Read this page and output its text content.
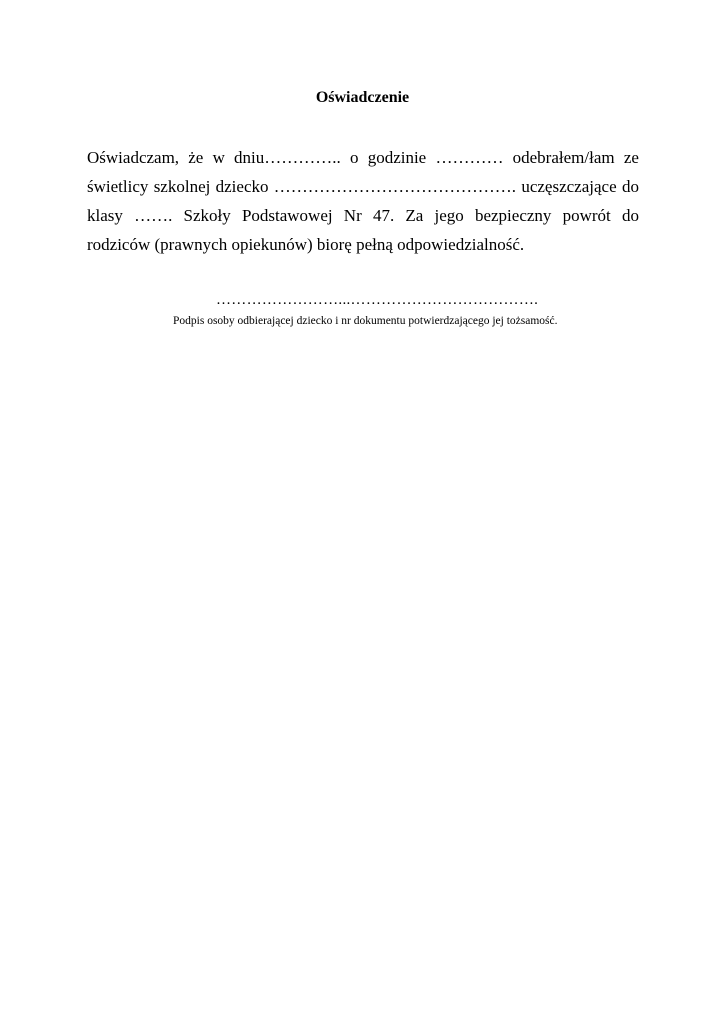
Oświadczenie
Oświadczam, że w dniu………….. o godzinie ………… odebrałem/łam ze
świetlicy szkolnej dziecko ……………………………………. uczęszczające do
klasy ……. Szkoły Podstawowej Nr 47. Za jego bezpieczny powrót do
rodziców (prawnych opiekunów) biorę pełną odpowiedzialność.
……………………...……………………………….
Podpis osoby odbierającej dziecko i nr dokumentu potwierdzającego jej tożsamość.
